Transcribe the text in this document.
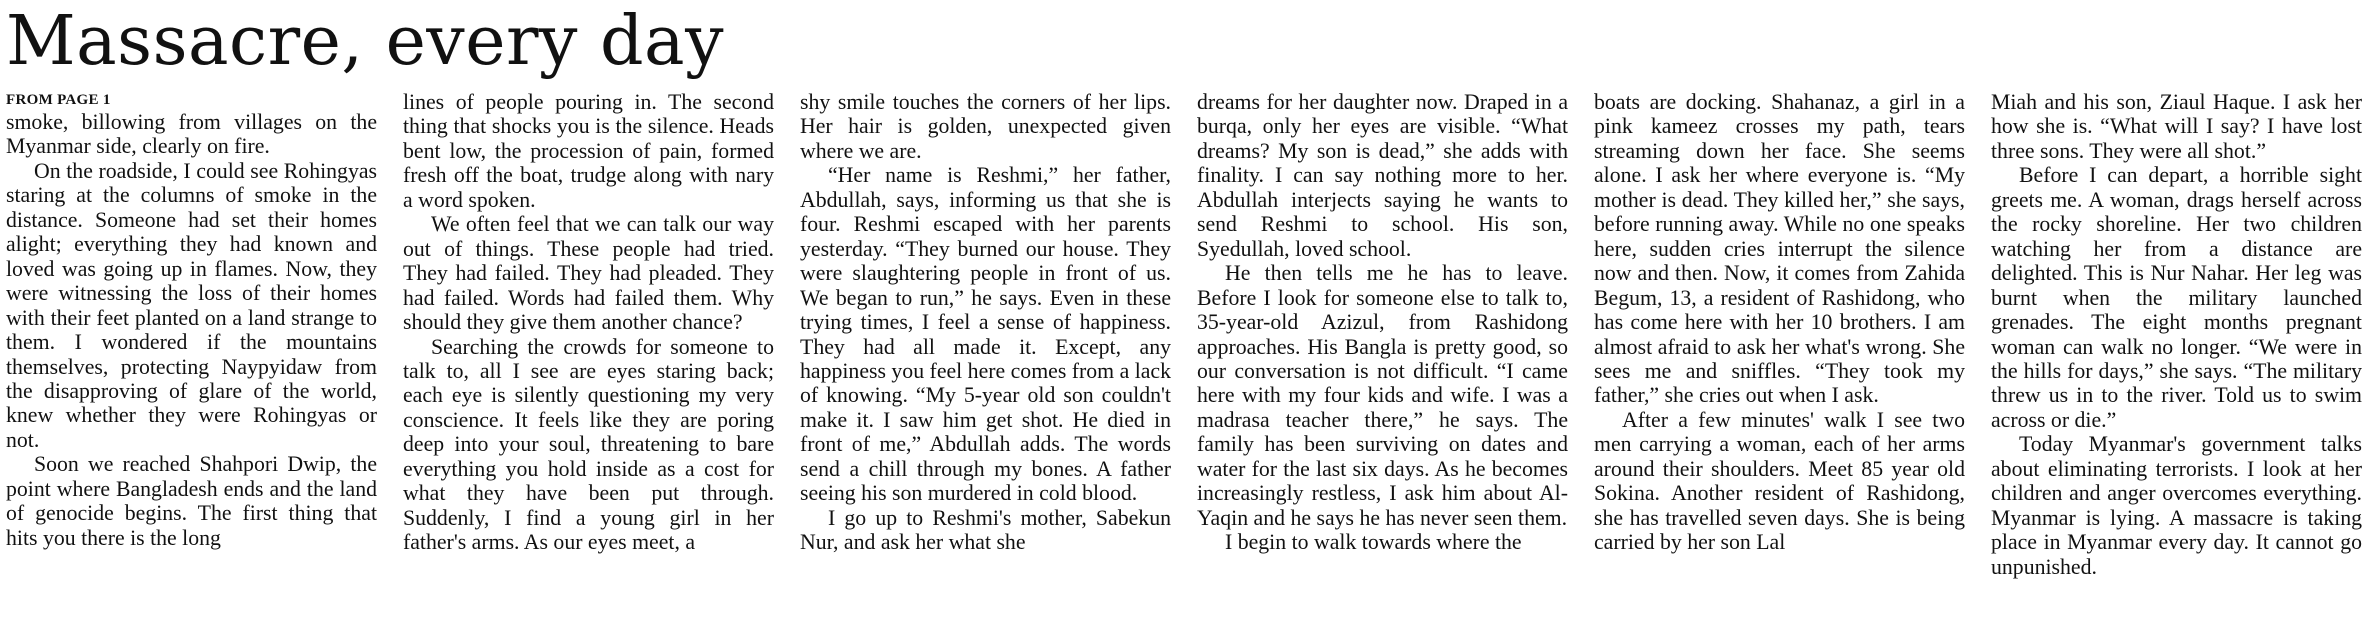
Massacre, every day
FROM PAGE 1

smoke, billowing from villages on the Myanmar side, clearly on fire.

On the roadside, I could see Rohingyas staring at the columns of smoke in the distance. Someone had set their homes alight; everything they had known and loved was going up in flames. Now, they were witnessing the loss of their homes with their feet planted on a land strange to them. I wondered if the mountains themselves, protecting Naypyidaw from the disapproving of glare of the world, knew whether they were Rohingyas or not.

Soon we reached Shahpori Dwip, the point where Bangladesh ends and the land of genocide begins. The first thing that hits you there is the long

lines of people pouring in. The second thing that shocks you is the silence. Heads bent low, the procession of pain, formed fresh off the boat, trudge along with nary a word spoken.

We often feel that we can talk our way out of things. These people had tried. They had failed. They had pleaded. They had failed. Words had failed them. Why should they give them another chance?

Searching the crowds for someone to talk to, all I see are eyes staring back; each eye is silently questioning my very conscience. It feels like they are poring deep into your soul, threatening to bare everything you hold inside as a cost for what they have been put through. Suddenly, I find a young girl in her father's arms. As our eyes meet, a

shy smile touches the corners of her lips. Her hair is golden, unexpected given where we are.

“Her name is Reshmi,” her father, Abdullah, says, informing us that she is four. Reshmi escaped with her parents yesterday. “They burned our house. They were slaughtering people in front of us. We began to run,” he says. Even in these trying times, I feel a sense of happiness. They had all made it. Except, any happiness you feel here comes from a lack of knowing. “My 5-year old son couldn't make it. I saw him get shot. He died in front of me,” Abdullah adds. The words send a chill through my bones. A father seeing his son murdered in cold blood.

I go up to Reshmi's mother, Sabekun Nur, and ask her what she

dreams for her daughter now. Draped in a burqa, only her eyes are visible. “What dreams? My son is dead,” she adds with finality. I can say nothing more to her. Abdullah interjects saying he wants to send Reshmi to school. His son, Syedullah, loved school.

He then tells me he has to leave. Before I look for someone else to talk to, 35-year-old Azizul, from Rashidong approaches. His Bangla is pretty good, so our conversation is not difficult. “I came here with my four kids and wife. I was a madrasa teacher there,” he says. The family has been surviving on dates and water for the last six days. As he becomes increasingly restless, I ask him about Al-Yaqin and he says he has never seen them.

I begin to walk towards where the

boats are docking. Shahanaz, a girl in a pink kameez crosses my path, tears streaming down her face. She seems alone. I ask her where everyone is. “My mother is dead. They killed her,” she says, before running away. While no one speaks here, sudden cries interrupt the silence now and then. Now, it comes from Zahida Begum, 13, a resident of Rashidong, who has come here with her 10 brothers. I am almost afraid to ask her what's wrong. She sees me and sniffles. “They took my father,” she cries out when I ask.

After a few minutes' walk I see two men carrying a woman, each of her arms around their shoulders. Meet 85 year old Sokina. Another resident of Rashidong, she has travelled seven days. She is being carried by her son Lal

Miah and his son, Ziaul Haque. I ask her how she is. “What will I say? I have lost three sons. They were all shot.”

Before I can depart, a horrible sight greets me. A woman, drags herself across the rocky shoreline. Her two children watching her from a distance are delighted. This is Nur Nahar. Her leg was burnt when the military launched grenades. The eight months pregnant woman can walk no longer. “We were in the hills for days,” she says. “The military threw us in to the river. Told us to swim across or die.”

Today Myanmar's government talks about eliminating terrorists. I look at her children and anger overcomes everything. Myanmar is lying. A massacre is taking place in Myanmar every day. It cannot go unpunished.
